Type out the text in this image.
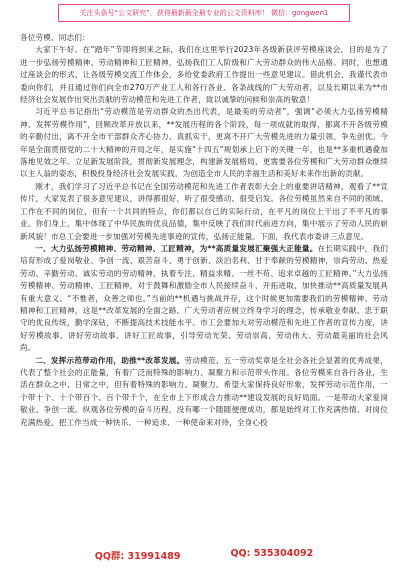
关注头条号“公文研究”，获得最新最全最专业的公文资料库！ 微信：gongwen1

各位劳模、同志们：

大家下午好。在“踏年”节即将到来之际，我们在这里举行2023年各级新获评劳模座谈会，目的是为了进一步弘扬劳模精神、劳动精神和工匠精神，弘扬我们工人阶级和广大劳动群众的伟大品格。同时，也想通过座谈会的形式，让各级劳模交流工作体会，多给党委政府工作提出一些意见建议。借此机会，我谨代表市委向你们，并且通过你们向全市270万产业工人和各行各业、各条战线的广大劳动者，以及长期以来为**市经济社会发展作出突出贡献的劳动模范和先进工作者，致以诚挚的问候和崇高的敬意！

习近平总书记指出“劳动模范是劳动群众的杰出代表，是最美的劳动者”，强调“必须大力弘扬劳模精神、发挥劳模作用”，回顾改革开放以来，**发展历程的各个阶段，每一项成就的取得，都离不开各级劳模的辛勤付出，离不开全市干部群众齐心协力、真抓实干，更离不开广大劳模先进的力量引领、争先创优。今年是全面贯彻党的二十大精神的开局之年，是实施“十四五”规划承上启下的关键一年，也是**多重机遇叠加落地见效之年。立足新发展阶段，贯彻新发展理念，构建新发展格局，更需要各位劳模和广大劳动群众继续以主人翁的姿态，积极投身经济社会发展实践，为创造全市人民的幸福生活和美好未来作出新的贡献。

刚才，我们学习了习近平总书记在全国劳动模范和先进工作者表彰大会上的重要讲话精神，观看了**宣传片，大家发表了很多意见建议，讲得都很好，听了很受感动、很受启发。各位劳模虽然来自不同的领域、工作在不同的岗位，但有一个共同的特点，你们都以自己的实际行动，在平凡的岗位上干出了不平凡的事业。你们身上，集中体现了中华民族的优良品德，集中反映了我们时代前进方向，集中展示了劳动人民的崭新风貌！市总工会要进一步加强对劳模先进事迹的宣传，弘扬正能量。下面，我代表市委讲三点意见。

一、大力弘扬劳模精神、劳动精神、工匠精神，为**高质量发展汇聚强大正能量。在长期实践中，我们培育形成了爱岗敬业、争创一流、艰苦奋斗、勇于创新、淡泊名利、甘于奉献的劳模精神，崇尚劳动、热爱劳动、辛勤劳动、诚实劳动的劳动精神，执着专注、精益求精、一丝不苟、追求卓越的工匠精神。”大力弘扬劳模精神、劳动精神、工匠精神，对于鼓舞和激励全市人民接续奋斗、开拓进取，加快推动**高质量发展具有重大意义。“不惟者，众善之师也。”当前的**机遇与挑战并存，这个时候更加需要我们的劳模精神、劳动精神和工匠精神，这是**改革发展的全面之路。广大劳动者应树立终身学习的理念，传承敬业奉献、忠于职守的优良传统，勤学深钻，不断提高技术技能水平。市工会要加大对劳动模范和先进工作者的宣传力度，讲好劳模故事、讲好劳动故事、讲好工匠故事，引导劳动光荣、劳动崇高、劳动伟大、劳动最美丽的社会风尚。

二、发挥示范带动作用，助推**改革发展。劳动模范、五一劳动奖章是全社会各社会显著的优秀成果，代表了整个社会的正能量，有着广泛而特殊的影响力、凝聚力和示范带头作用。各位劳模来自各行各业，生活在群众之中、日常之中，但有着特殊的影响力、凝聚力。希望大家保持良好形象，发挥劳动示范作用，一个带十个、十个带百个、百个带千个，在全市上下形成合力推动**建设发展的良好局面。一是带动大家爱岗敬业、争创一流。纵观各位劳模的奋斗历程，没有哪一个随随便便成功，都是始终对工作充满热情、对岗位充满热爱，把工作当成一种快乐、一种追求、一种使命来对待，全身心投

QQ群: 31991489	QQ: 535304092
